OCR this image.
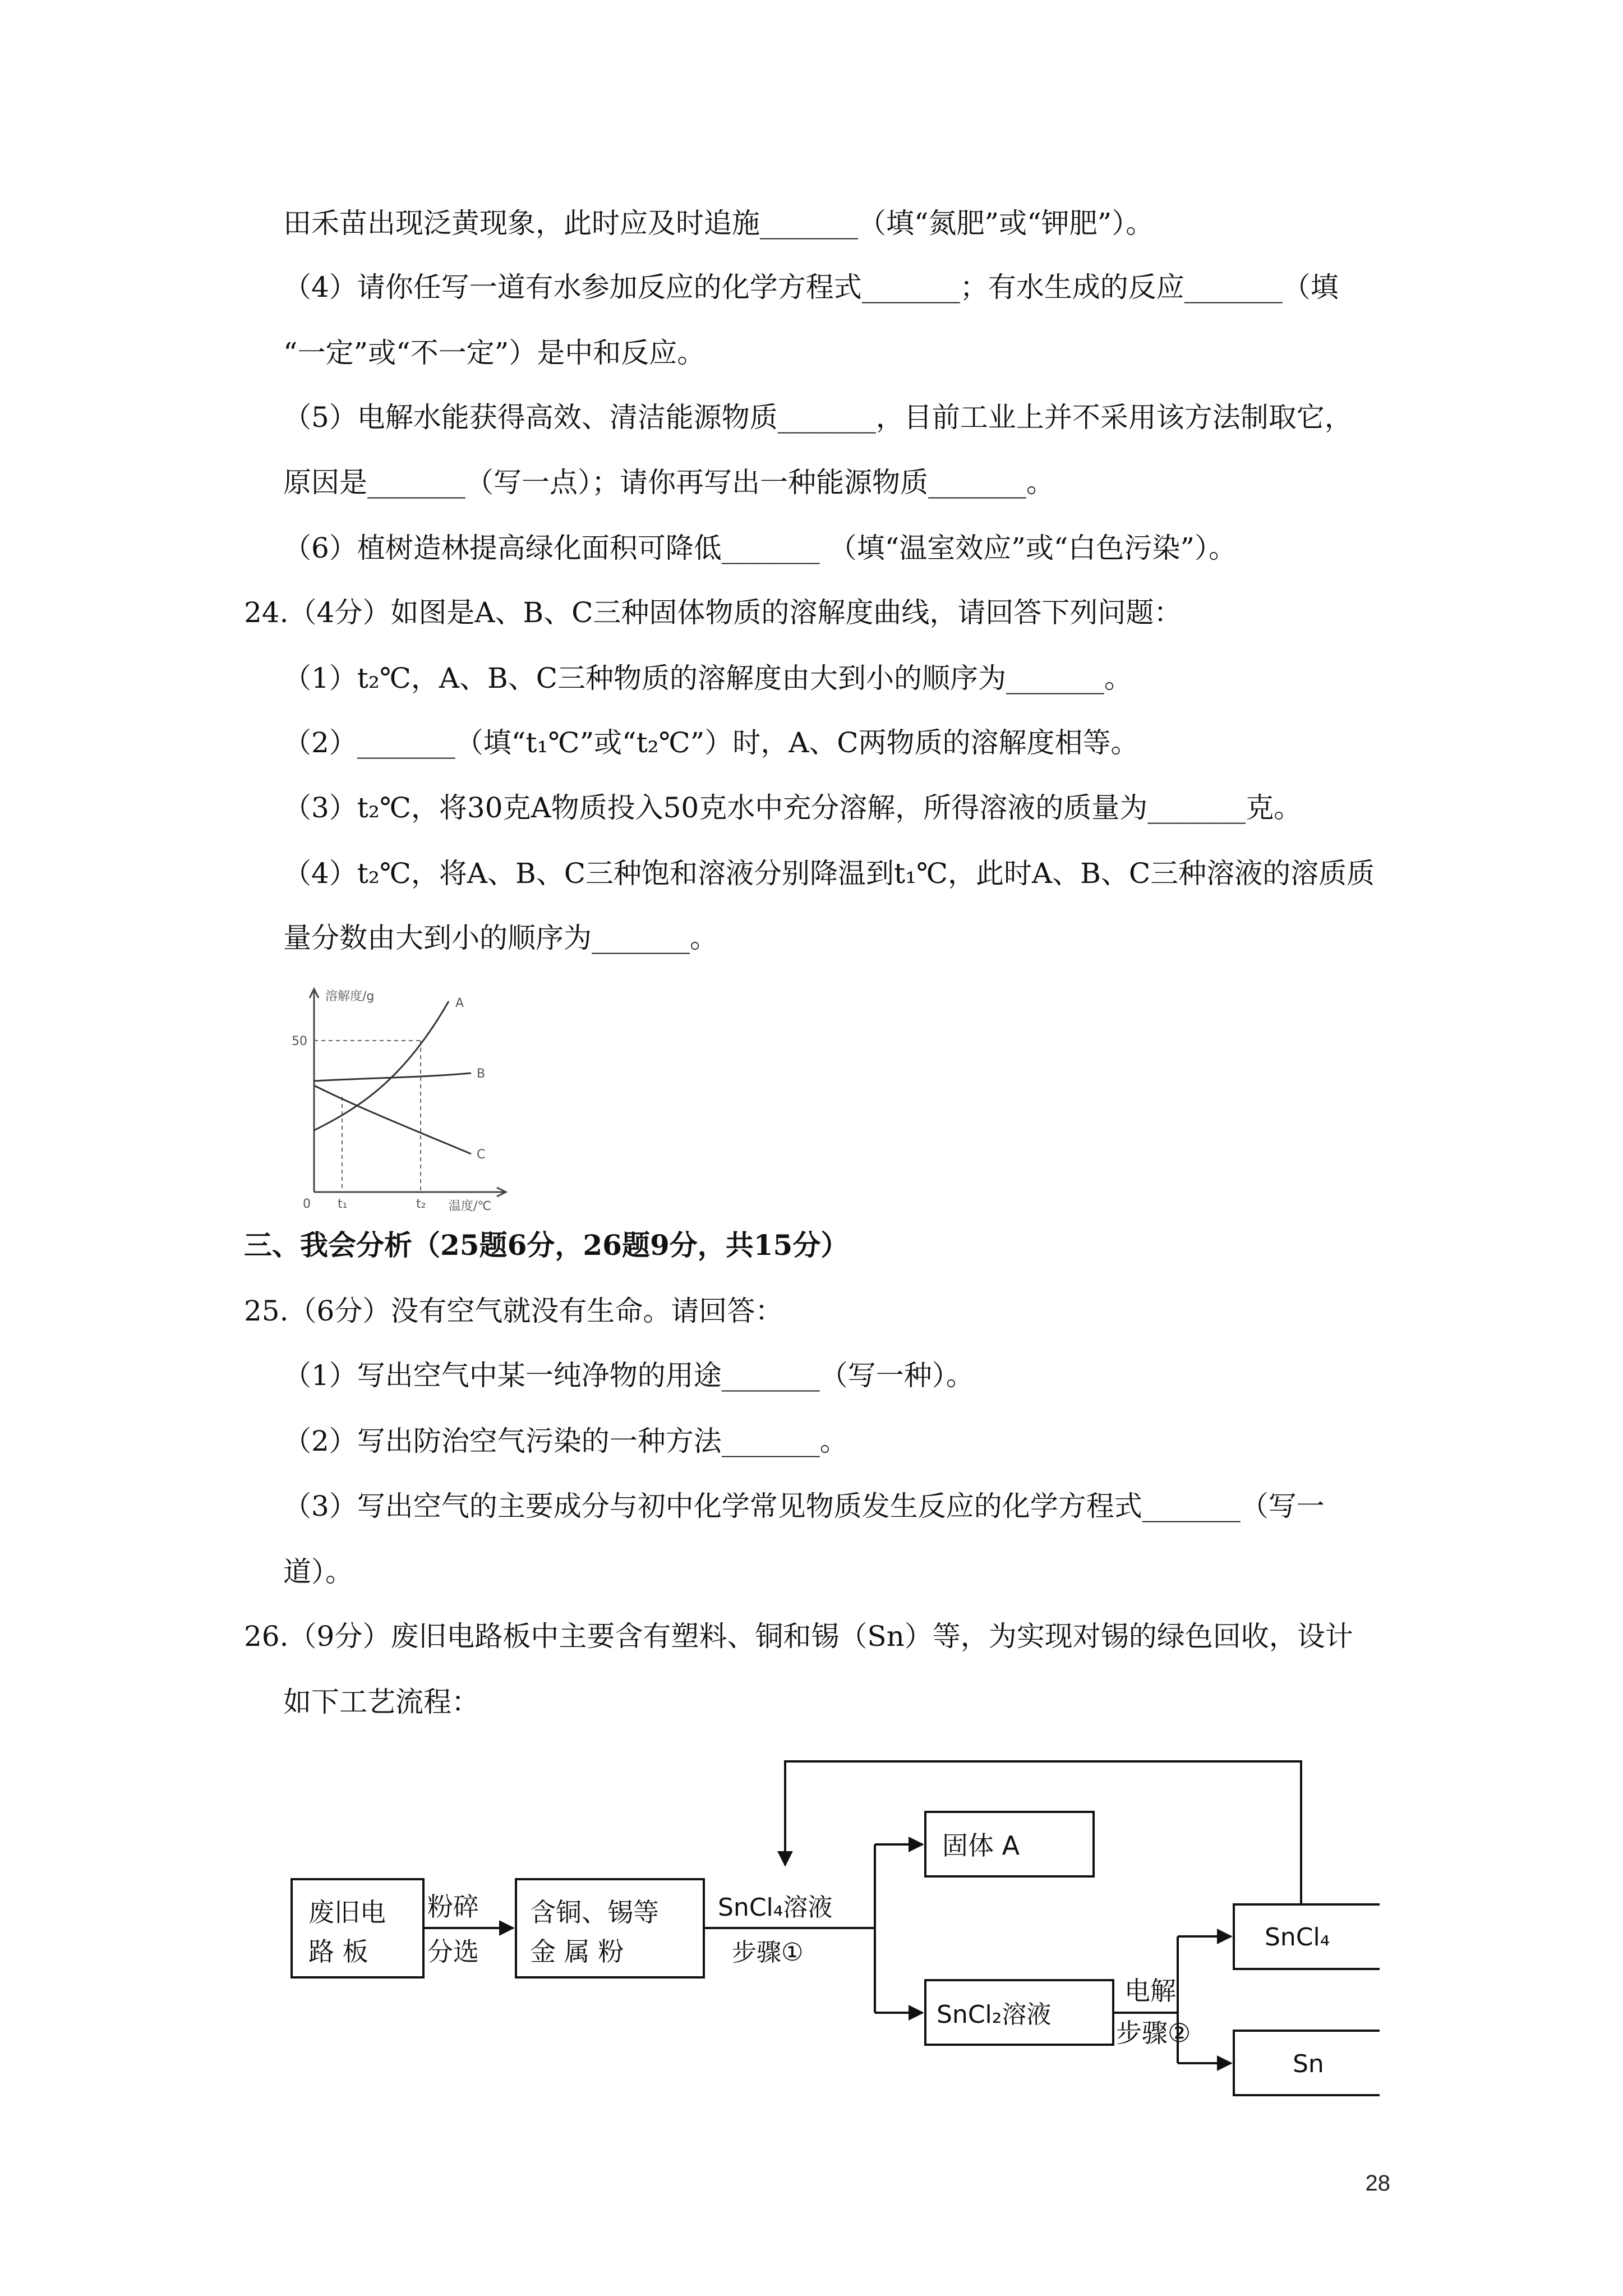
田禾苗出现泛黄现象，此时应及时追施_______（填“氮肥”或“钾肥”）。

（4）请你任写一道有水参加反应的化学方程式_______；有水生成的反应_______（填

“一定”或“不一定”）是中和反应。

（5）电解水能获得高效、清洁能源物质_______，目前工业上并不采用该方法制取它，

原因是_______（写一点）；请你再写出一种能源物质_______。

（6）植树造林提高绿化面积可降低_______ （填“温室效应”或“白色污染”）。

24.（4分）如图是A、B、C三种固体物质的溶解度曲线，请回答下列问题：

（1）t₂℃，A、B、C三种物质的溶解度由大到小的顺序为_______。

（2）_______（填“t₁℃”或“t₂℃”）时，A、C两物质的溶解度相等。

（3）t₂℃，将30克A物质投入50克水中充分溶解，所得溶液的质量为_______克。

（4）t₂℃，将A、B、C三种饱和溶液分别降温到t₁℃，此时A、B、C三种溶液的溶质质

量分数由大到小的顺序为_______。

溶解度/g
50
0 t₁	t₂ 温度/℃
A
B
C

三、我会分析（25题6分，26题9分，共15分）

25.（6分）没有空气就没有生命。请回答：

（1）写出空气中某一纯净物的用途_______（写一种）。

（2）写出防治空气污染的一种方法_______。

（3）写出空气的主要成分与初中化学常见物质发生反应的化学方程式_______（写一

道）。

26.（9分）废旧电路板中主要含有塑料、铜和锡（Sn）等，为实现对锡的绿色回收，设计

如下工艺流程：

废旧电
路 板
粉碎
分选
含铜、锡等
金 属 粉
SnCl₄溶液
步骤①
固体 A
SnCl₂溶液
电解
步骤②
SnCl₄
Sn
28
